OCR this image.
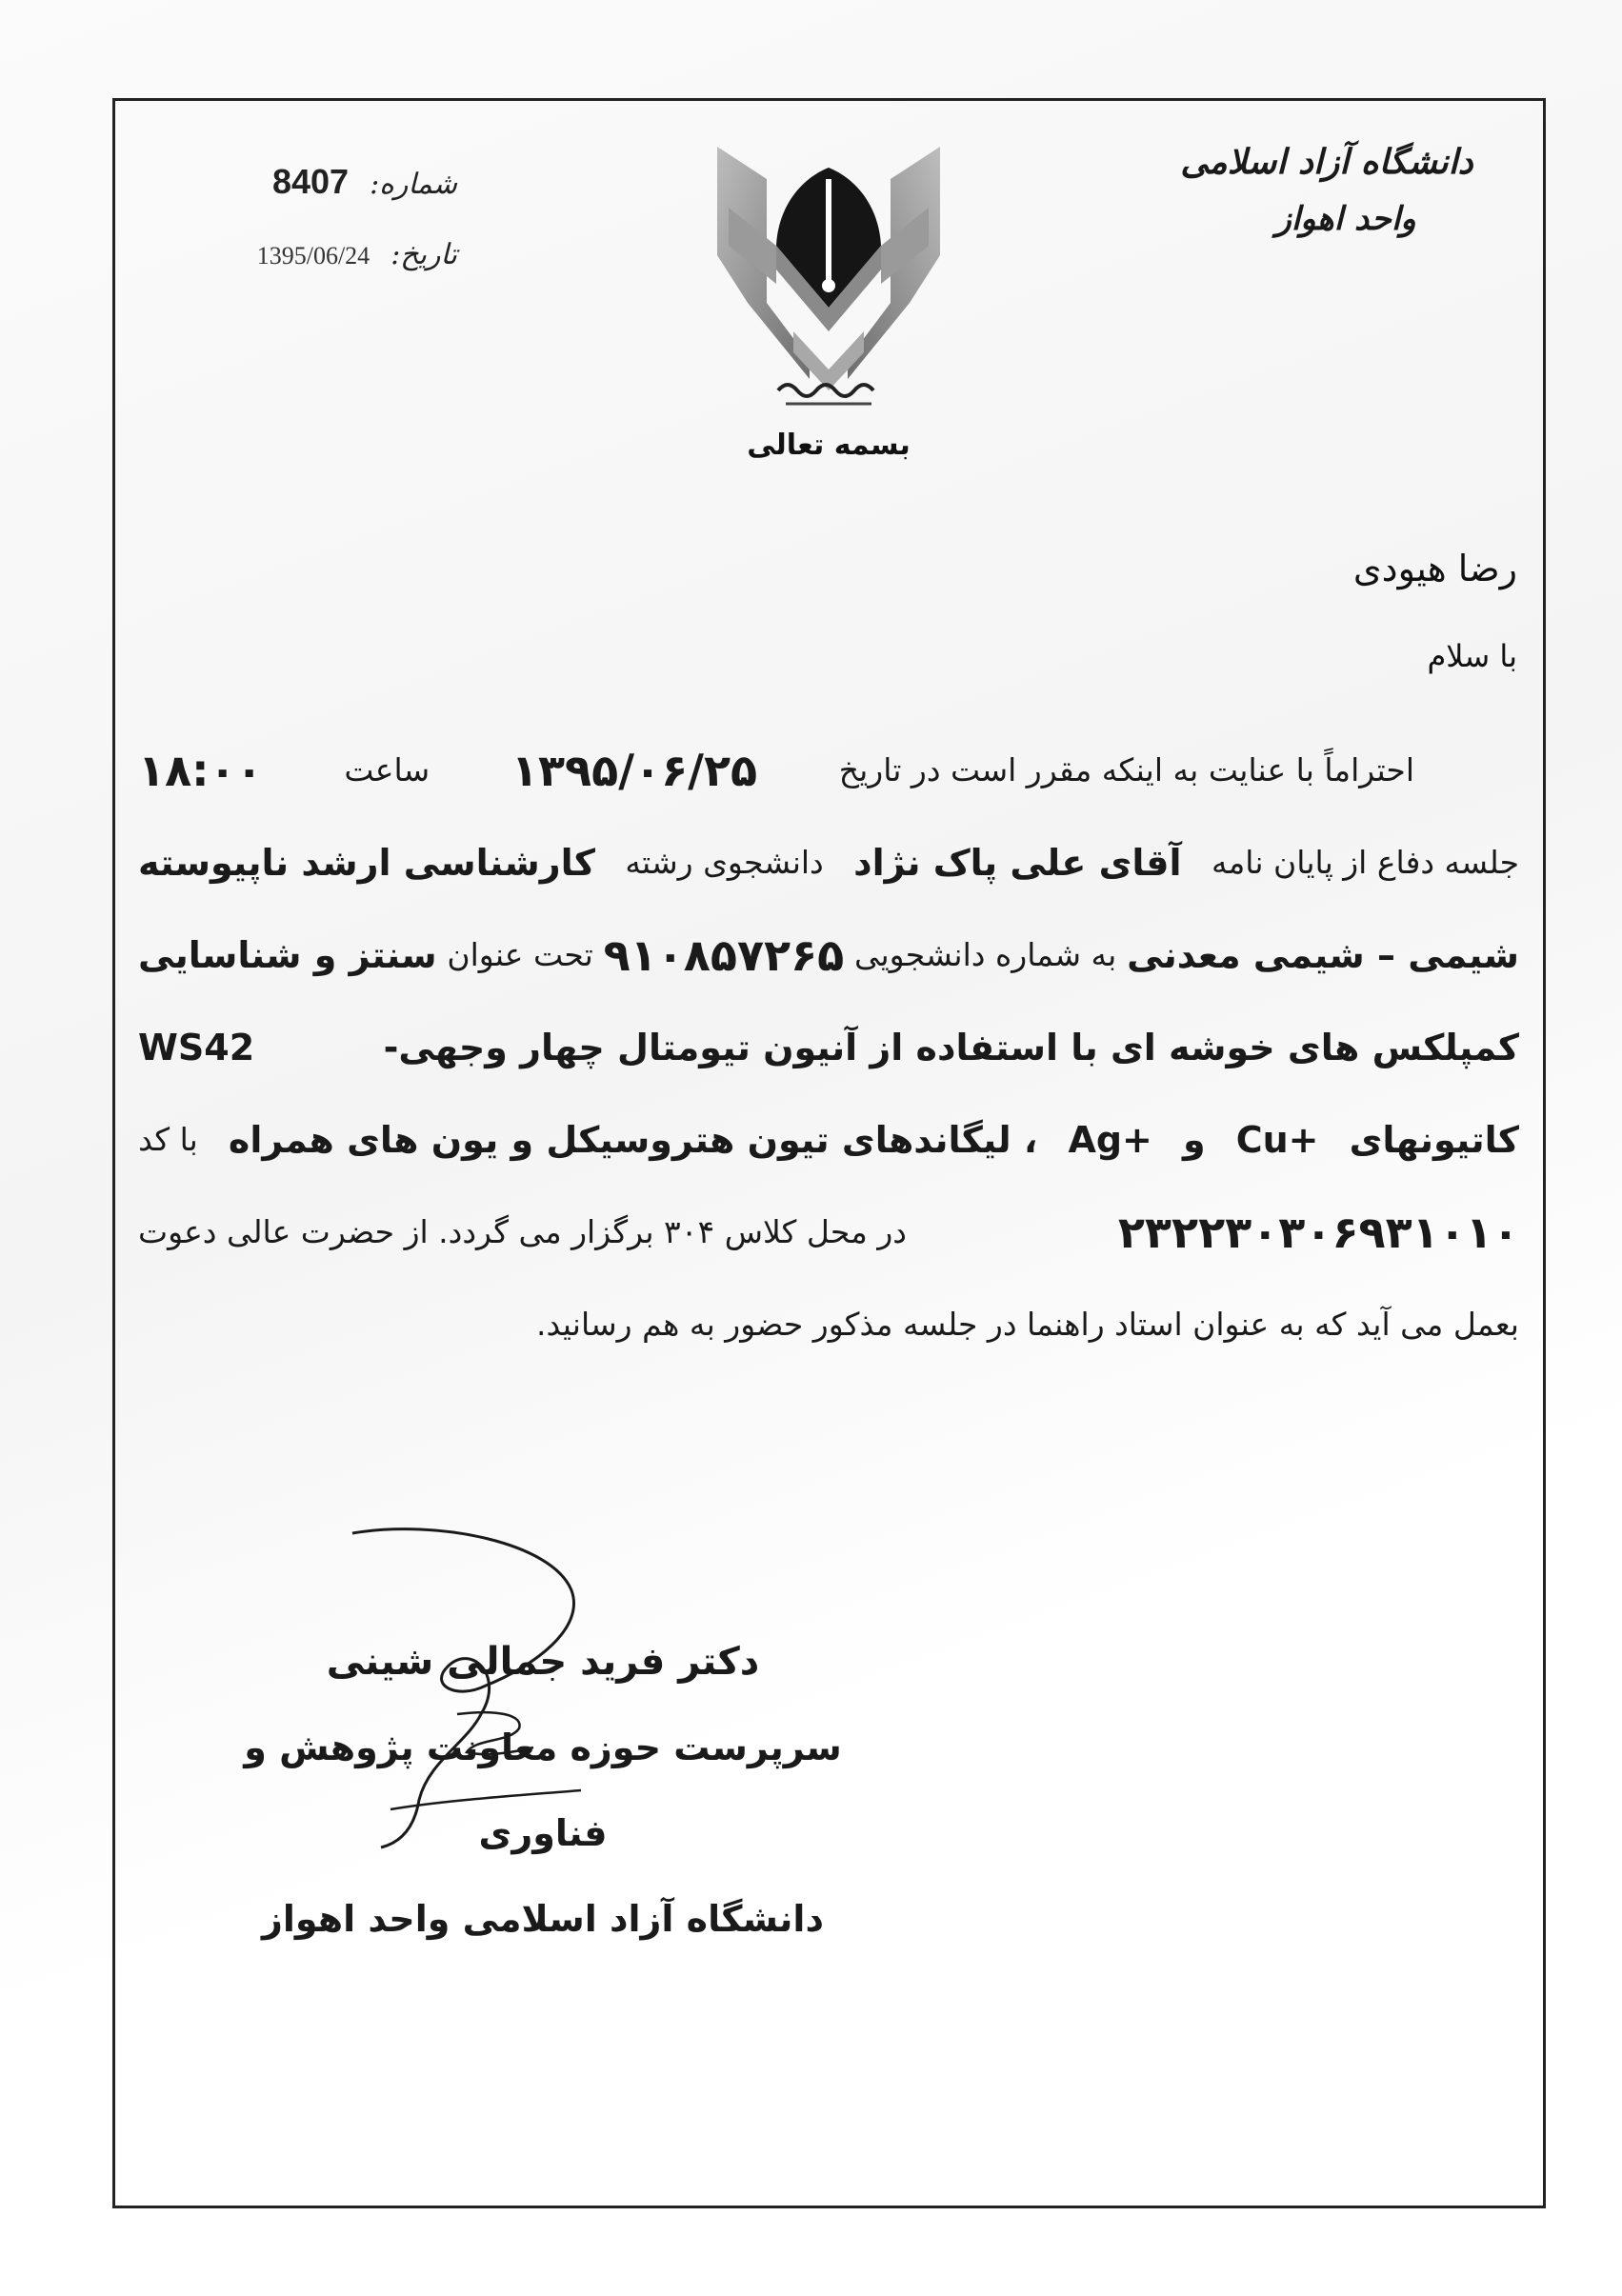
شماره:
8407
تاریخ:
1395/06/24
دانشگاه آزاد اسلامی
واحد اهواز
بسمه تعالی
رضا هیودی
با سلام
احتراماً با عنایت به اینکه مقرر است در تاریخ
۱۳۹۵/۰۶/۲۵
ساعت
۱۸:۰۰
جلسه دفاع از پایان نامه
آقای علی پاک نژاد
دانشجوی رشته
کارشناسی ارشد ناپیوسته
شیمی – شیمی معدنی
به شماره دانشجویی
۹۱۰۸۵۷۲۶۵
تحت عنوان
سنتز و شناسایی
کمپلکس های خوشه ای با استفاده از آنیون تیومتال چهار وجهی-
WS42
کاتیونهای
Cu+
و
Ag+
، لیگاندهای تیون هتروسیکل و یون های همراه
با کد
۲۳۲۲۳۰۳۰۶۹۳۱۰۱۰
در محل کلاس ۳۰۴ برگزار می گردد. از حضرت عالی دعوت
بعمل می آید که به عنوان استاد راهنما در جلسه مذکور حضور به هم رسانید.
دکتر فرید جمالی شینی
سرپرست حوزه معاونت پژوهش و فناوری
دانشگاه آزاد اسلامی واحد اهواز
